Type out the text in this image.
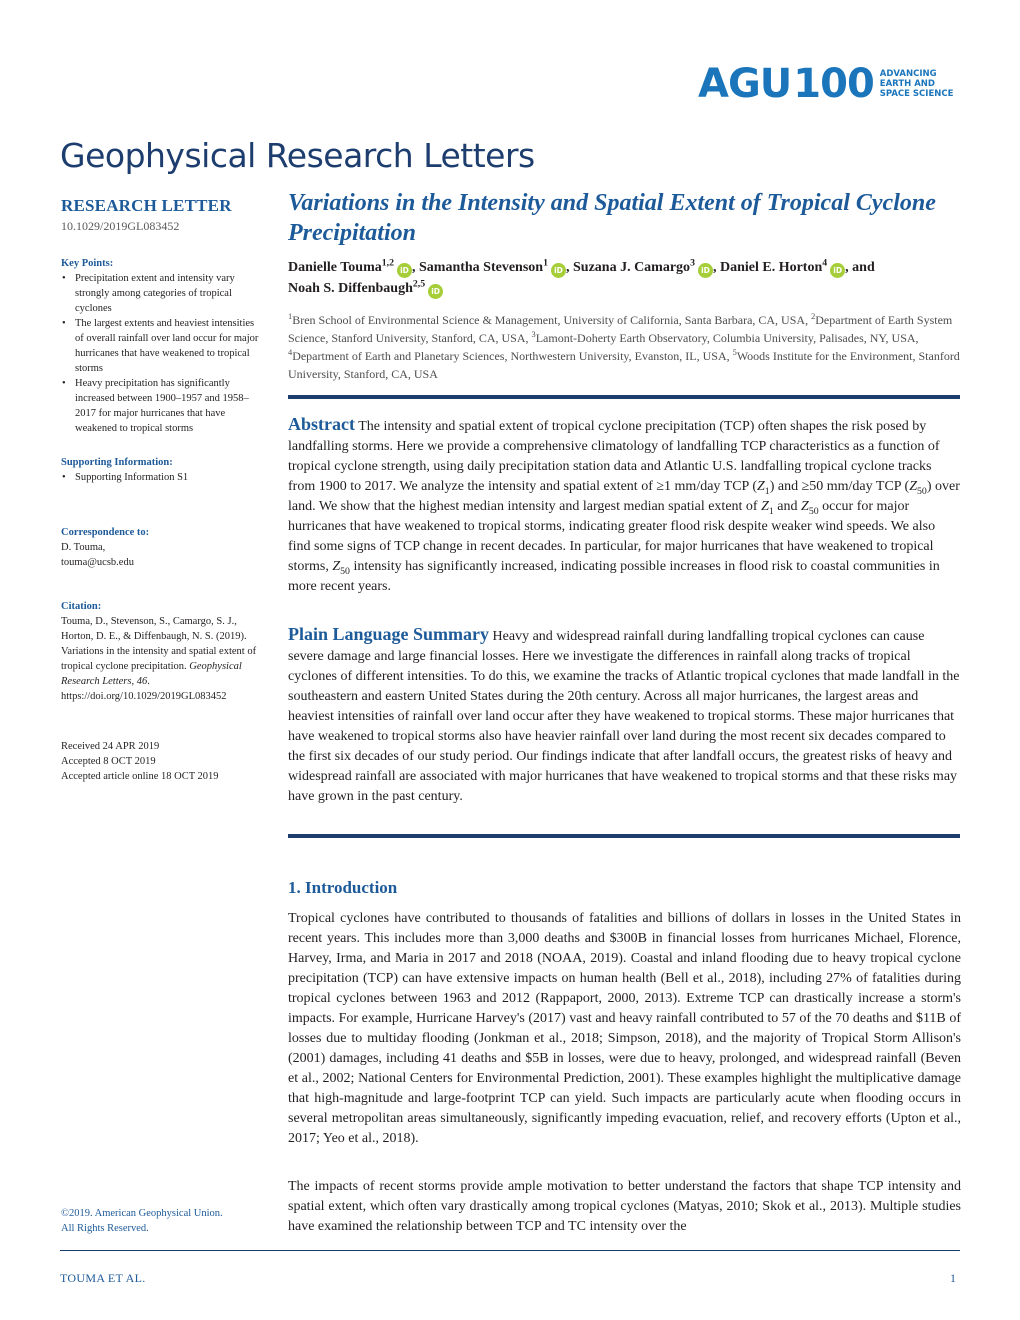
AGU 100 ADVANCING
EARTH AND
SPACE SCIENCE
Geophysical Research Letters
RESEARCH LETTER
10.1029/2019GL083452
Key Points:
• Precipitation extent and intensity vary strongly among categories of tropical cyclones
• The largest extents and heaviest intensities of overall rainfall over land occur for major hurricanes that have weakened to tropical storms
• Heavy precipitation has significantly increased between 1900–1957 and 1958–2017 for major hurricanes that have weakened to tropical storms
Supporting Information:
• Supporting Information S1
Correspondence to:
D. Touma,
touma@ucsb.edu
Citation:
Touma, D., Stevenson, S., Camargo, S. J., Horton, D. E., & Diffenbaugh, N. S. (2019). Variations in the intensity and spatial extent of tropical cyclone precipitation. Geophysical Research Letters, 46. https://doi.org/10.1029/2019GL083452
Received 24 APR 2019
Accepted 8 OCT 2019
Accepted article online 18 OCT 2019
©2019. American Geophysical Union.
All Rights Reserved.
Variations in the Intensity and Spatial Extent of Tropical Cyclone Precipitation
Danielle Touma$^{1,2}$iD , Samantha Stevenson$^1$iD , Suzana J. Camargo$^3$iD , Daniel E. Horton$^4$iD , and
Noah S. Diffenbaugh$^{2,5}$iD
$^1$Bren School of Environmental Science & Management, University of California, Santa Barbara, CA, USA, $^2$Department of Earth System Science, Stanford University, Stanford, CA, USA, $^3$Lamont-Doherty Earth Observatory, Columbia University, Palisades, NY, USA, $^4$Department of Earth and Planetary Sciences, Northwestern University, Evanston, IL, USA, $^5$Woods Institute for the Environment, Stanford University, Stanford, CA, USA
Abstract The intensity and spatial extent of tropical cyclone precipitation (TCP) often shapes the risk posed by landfalling storms. Here we provide a comprehensive climatology of landfalling TCP characteristics as a function of tropical cyclone strength, using daily precipitation station data and Atlantic U.S. landfalling tropical cyclone tracks from 1900 to 2017. We analyze the intensity and spatial extent of ≥1 mm/day TCP $(Z_1)$ and ≥50 mm/day TCP $(Z_{50})$ over land. We show that the highest median intensity and largest median spatial extent of $Z_1$ and $Z_{50}$ occur for major hurricanes that have weakened to tropical storms, indicating greater flood risk despite weaker wind speeds. We also find some signs of TCP change in recent decades. In particular, for major hurricanes that have weakened to tropical storms, $Z_{50}$ intensity has significantly increased, indicating possible increases in flood risk to coastal communities in more recent years.
Plain Language Summary Heavy and widespread rainfall during landfalling tropical cyclones can cause severe damage and large financial losses. Here we investigate the differences in rainfall along tracks of tropical cyclones of different intensities. To do this, we examine the tracks of Atlantic tropical cyclones that made landfall in the southeastern and eastern United States during the 20th century. Across all major hurricanes, the largest areas and heaviest intensities of rainfall over land occur after they have weakened to tropical storms. These major hurricanes that have weakened to tropical storms also have heavier rainfall over land during the most recent six decades compared to the first six decades of our study period. Our findings indicate that after landfall occurs, the greatest risks of heavy and widespread rainfall are associated with major hurricanes that have weakened to tropical storms and that these risks may have grown in the past century.
1. Introduction
Tropical cyclones have contributed to thousands of fatalities and billions of dollars in losses in the United States in recent years. This includes more than 3,000 deaths and $300B in financial losses from hurricanes Michael, Florence, Harvey, Irma, and Maria in 2017 and 2018 (NOAA, 2019). Coastal and inland flooding due to heavy tropical cyclone precipitation (TCP) can have extensive impacts on human health (Bell et al., 2018), including 27% of fatalities during tropical cyclones between 1963 and 2012 (Rappaport, 2000, 2013). Extreme TCP can drastically increase a storm's impacts. For example, Hurricane Harvey's (2017) vast and heavy rainfall contributed to 57 of the 70 deaths and $11B of losses due to multiday flooding (Jonkman et al., 2018; Simpson, 2018), and the majority of Tropical Storm Allison's (2001) damages, including 41 deaths and $5B in losses, were due to heavy, prolonged, and widespread rainfall (Beven et al., 2002; National Centers for Environmental Prediction, 2001). These examples highlight the multiplicative damage that high-magnitude and large-footprint TCP can yield. Such impacts are particularly acute when flooding occurs in several metropolitan areas simultaneously, significantly impeding evacuation, relief, and recovery efforts (Upton et al., 2017; Yeo et al., 2018).
The impacts of recent storms provide ample motivation to better understand the factors that shape TCP intensity and spatial extent, which often vary drastically among tropical cyclones (Matyas, 2010; Skok et al., 2013). Multiple studies have examined the relationship between TCP and TC intensity over the
TOUMA ET AL.	1
